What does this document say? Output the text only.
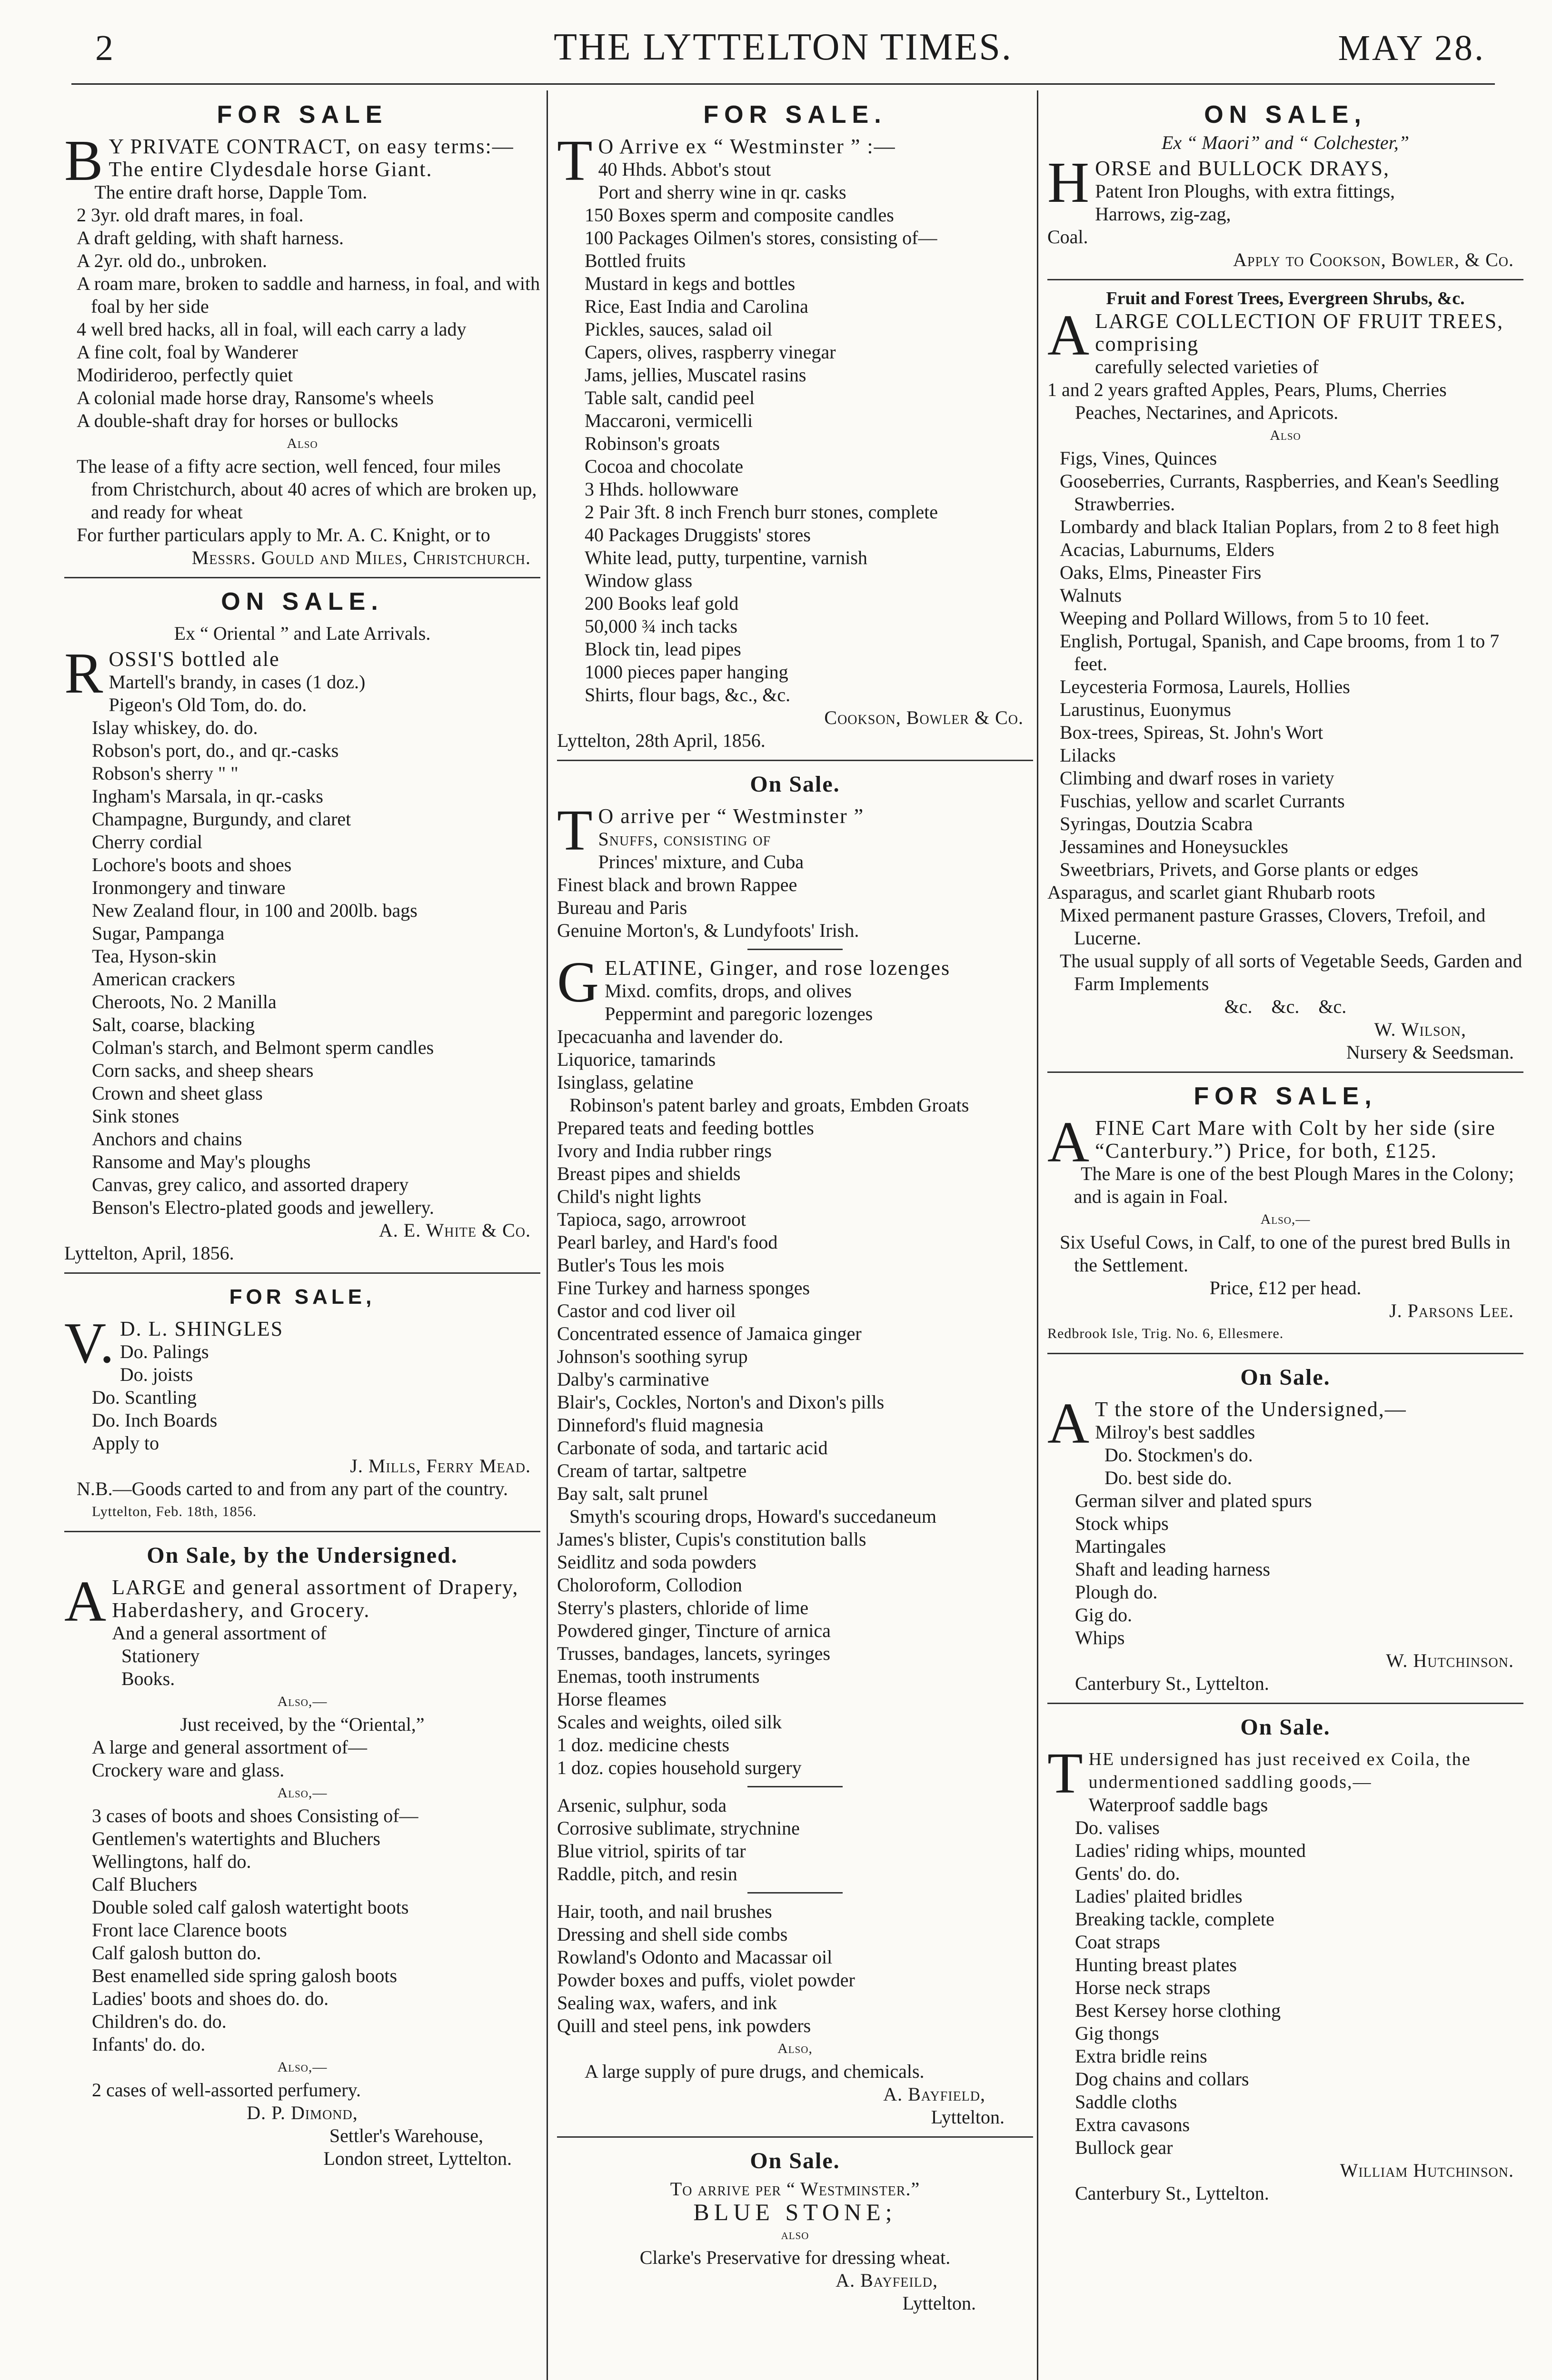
2	THE LYTTELTON TIMES.	MAY 28.
FOR SALE

BY PRIVATE CONTRACT, on easy terms:—The entire Clydesdale horse Giant.

The entire draft horse, Dapple Tom.

2 3yr. old draft mares, in foal.

A draft gelding, with shaft harness.

A 2yr. old do., unbroken.

A roam mare, broken to saddle and harness, in foal, and with foal by her side

4 well bred hacks, all in foal, will each carry a lady

A fine colt, foal by Wanderer

Modirideroo, perfectly quiet

A colonial made horse dray, Ransome's wheels

A double-shaft dray for horses or bullocks

Also

The lease of a fifty acre section, well fenced, four miles from Christchurch, about 40 acres of which are broken up, and ready for wheat

For further particulars apply to Mr. A. C. Knight, or to

Messrs. Gould and Miles, Christchurch.

ON SALE.

Ex “ Oriental ” and Late Arrivals.

ROSSI'S bottled ale

Martell's brandy, in cases (1 doz.)

Pigeon's Old Tom, do. do.

Islay whiskey, do. do.

Robson's port, do., and qr.-casks

Robson's sherry " "

Ingham's Marsala, in qr.-casks

Champagne, Burgundy, and claret

Cherry cordial

Lochore's boots and shoes

Ironmongery and tinware

New Zealand flour, in 100 and 200lb. bags

Sugar, Pampanga

Tea, Hyson-skin

American crackers

Cheroots, No. 2 Manilla

Salt, coarse, blacking

Colman's starch, and Belmont sperm candles

Corn sacks, and sheep shears

Crown and sheet glass

Sink stones

Anchors and chains

Ransome and May's ploughs

Canvas, grey calico, and assorted drapery

Benson's Electro-plated goods and jewellery.

A. E. White & Co.

Lyttelton, April, 1856.

FOR SALE,

V.D. L. SHINGLES

Do. Palings

Do. joists

Do. Scantling

Do. Inch Boards

Apply to

J. Mills, Ferry Mead.

N.B.—Goods carted to and from any part of the country.

Lyttelton, Feb. 18th, 1856.

On Sale, by the Undersigned.

ALARGE and general assortment of Drapery, Haberdashery, and Grocery.

And a general assortment of

Stationery

Books.

Also,—

Just received, by the “Oriental,”

A large and general assortment of—

Crockery ware and glass.

Also,—

3 cases of boots and shoes Consisting of—

Gentlemen's watertights and Bluchers

Wellingtons, half do.

Calf Bluchers

Double soled calf galosh watertight boots

Front lace Clarence boots

Calf galosh button do.

Best enamelled side spring galosh boots

Ladies' boots and shoes do. do.

Children's do. do.

Infants' do. do.

Also,—

2 cases of well-assorted perfumery.

D. P. Dimond,

Settler's Warehouse,

London street, Lyttelton.

FOR SALE.

TO Arrive ex “ Westminster ” :—

40 Hhds. Abbot's stout

Port and sherry wine in qr. casks

150 Boxes sperm and composite candles

100 Packages Oilmen's stores, consisting of—

Bottled fruits

Mustard in kegs and bottles

Rice, East India and Carolina

Pickles, sauces, salad oil

Capers, olives, raspberry vinegar

Jams, jellies, Muscatel rasins

Table salt, candid peel

Maccaroni, vermicelli

Robinson's groats

Cocoa and chocolate

3 Hhds. hollowware

2 Pair 3ft. 8 inch French burr stones, complete

40 Packages Druggists' stores

White lead, putty, turpentine, varnish

Window glass

200 Books leaf gold

50,000 ¾ inch tacks

Block tin, lead pipes

1000 pieces paper hanging

Shirts, flour bags, &c., &c.

Cookson, Bowler & Co.

Lyttelton, 28th April, 1856.

On Sale.

TO arrive per “ Westminster ”

Snuffs, consisting of

Princes' mixture, and Cuba

Finest black and brown Rappee

Bureau and Paris

Genuine Morton's, & Lundyfoots' Irish.

GELATINE, Ginger, and rose lozenges

Mixd. comfits, drops, and olives

Peppermint and paregoric lozenges

Ipecacuanha and lavender do.

Liquorice, tamarinds

Isinglass, gelatine

Robinson's patent barley and groats, Embden Groats

Prepared teats and feeding bottles

Ivory and India rubber rings

Breast pipes and shields

Child's night lights

Tapioca, sago, arrowroot

Pearl barley, and Hard's food

Butler's Tous les mois

Fine Turkey and harness sponges

Castor and cod liver oil

Concentrated essence of Jamaica ginger

Johnson's soothing syrup

Dalby's carminative

Blair's, Cockles, Norton's and Dixon's pills

Dinneford's fluid magnesia

Carbonate of soda, and tartaric acid

Cream of tartar, saltpetre

Bay salt, salt prunel

Smyth's scouring drops, Howard's succedaneum

James's blister, Cupis's constitution balls

Seidlitz and soda powders

Choloroform, Collodion

Sterry's plasters, chloride of lime

Powdered ginger, Tincture of arnica

Trusses, bandages, lancets, syringes

Enemas, tooth instruments

Horse fleames

Scales and weights, oiled silk

1 doz. medicine chests

1 doz. copies household surgery

Arsenic, sulphur, soda

Corrosive sublimate, strychnine

Blue vitriol, spirits of tar

Raddle, pitch, and resin

Hair, tooth, and nail brushes

Dressing and shell side combs

Rowland's Odonto and Macassar oil

Powder boxes and puffs, violet powder

Sealing wax, wafers, and ink

Quill and steel pens, ink powders

Also,

A large supply of pure drugs, and chemicals.

A. Bayfield,

Lyttelton.

On Sale.

To arrive per “ Westminster.”

BLUE STONE;

also

Clarke's Preservative for dressing wheat.

A. Bayfeild,

Lyttelton.

ON SALE,

Ex “ Maori” and “ Colchester,”

HORSE and BULLOCK DRAYS,

Patent Iron Ploughs, with extra fittings,

Harrows, zig-zag,

Coal.

Apply to Cookson, Bowler, & Co.

Fruit and Forest Trees, Evergreen Shrubs, &c.

ALARGE COLLECTION OF FRUIT TREES, comprising

carefully selected varieties of

1 and 2 years grafted Apples, Pears, Plums, Cherries

Peaches, Nectarines, and Apricots.

Also

Figs, Vines, Quinces

Gooseberries, Currants, Raspberries, and Kean's Seedling Strawberries.

Lombardy and black Italian Poplars, from 2 to 8 feet high

Acacias, Laburnums, Elders

Oaks, Elms, Pineaster Firs

Walnuts

Weeping and Pollard Willows, from 5 to 10 feet.

English, Portugal, Spanish, and Cape brooms, from 1 to 7 feet.

Leycesteria Formosa, Laurels, Hollies

Larustinus, Euonymus

Box-trees, Spireas, St. John's Wort

Lilacks

Climbing and dwarf roses in variety

Fuschias, yellow and scarlet Currants

Syringas, Doutzia Scabra

Jessamines and Honeysuckles

Sweetbriars, Privets, and Gorse plants or edges

Asparagus, and scarlet giant Rhubarb roots

Mixed permanent pasture Grasses, Clovers, Trefoil, and Lucerne.

The usual supply of all sorts of Vegetable Seeds, Garden and Farm Implements

&c.    &c.    &c.

W. Wilson,

Nursery & Seedsman.

FOR SALE,

AFINE Cart Mare with Colt by her side (sire “Canterbury.”) Price, for both, £125.

The Mare is one of the best Plough Mares in the Colony; and is again in Foal.

Also,—

Six Useful Cows, in Calf, to one of the purest bred Bulls in the Settlement.

Price, £12 per head.

J. Parsons Lee.

Redbrook Isle, Trig. No. 6, Ellesmere.

On Sale.

AT the store of the Undersigned,—

Milroy's best saddles

Do. Stockmen's do.

Do. best side do.

German silver and plated spurs

Stock whips

Martingales

Shaft and leading harness

Plough do.

Gig do.

Whips

W. Hutchinson.

Canterbury St., Lyttelton.

On Sale.

THE undersigned has just received ex Coila, the undermentioned saddling goods,—

Waterproof saddle bags

Do. valises

Ladies' riding whips, mounted

Gents' do. do.

Ladies' plaited bridles

Breaking tackle, complete

Coat straps

Hunting breast plates

Horse neck straps

Best Kersey horse clothing

Gig thongs

Extra bridle reins

Dog chains and collars

Saddle cloths

Extra cavasons

Bullock gear

William Hutchinson.

Canterbury St., Lyttelton.
